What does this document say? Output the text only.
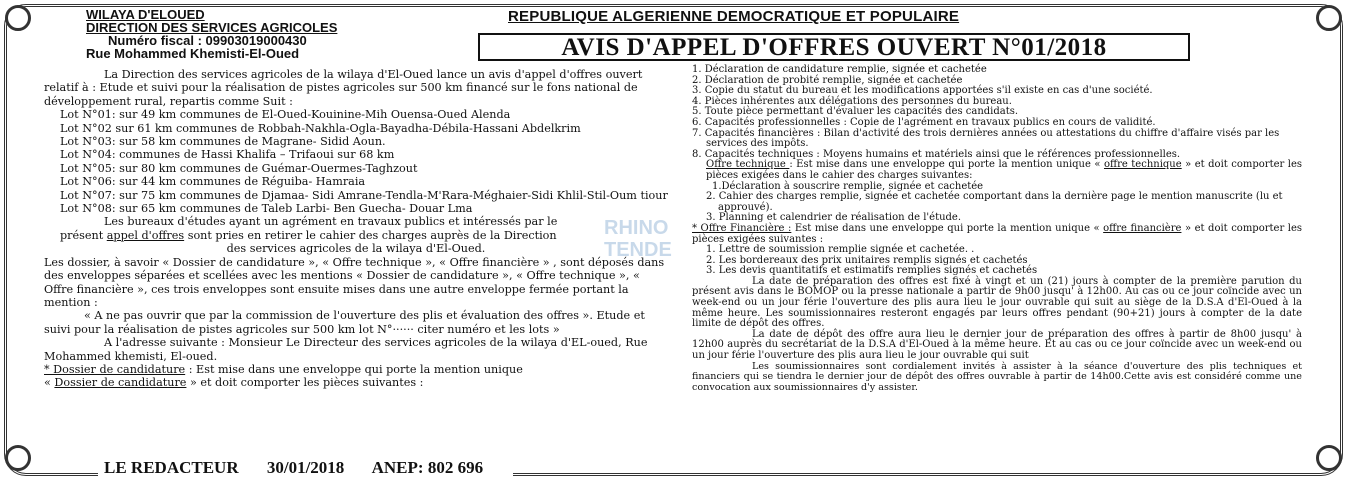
WILAYA D'ELOUED
DIRECTION DES SERVICES AGRICOLES
Numéro fiscal : 09903019000430
Rue Mohammed Khemisti-El-Oued
REPUBLIQUE ALGERIENNE DEMOCRATIQUE ET POPULAIRE
AVIS D'APPEL D'OFFRES OUVERT N°01/2018
RHINO
TENDE

La Direction des services agricoles de la wilaya d'El-Oued lance un avis d'appel d'offres ouvert relatif à : Etude et suivi pour la réalisation de pistes agricoles sur 500 km financé sur le fons national de développement rural, repartis comme Suit :

Lot N°01: sur 49 km communes de El-Oued-Kouinine-Mih Ouensa-Oued Alenda

Lot N°02 sur 61 km communes de Robbah-Nakhla-Ogla-Bayadha-Débila-Hassani Abdelkrim

Lot N°03: sur 58 km communes de Magrane- Sidid Aoun.

Lot N°04: communes de Hassi Khalifa – Trifaoui sur 68 km

Lot N°05: sur 80 km communes de Guémar-Ouermes-Taghzout

Lot N°06: sur 44 km communes de Réguiba- Hamraia

Lot N°07: sur 75 km communes de Djamaa- Sidi Amrane-Tendla-M'Rara-Méghaier-Sidi Khlil-Stil-Oum tiour

Lot N°08: sur 65 km communes de Taleb Larbi- Ben Guecha- Douar Lma

Les bureaux d'études ayant un agrément en travaux publics et intéressés par le

présent appel d'offres sont pries en retirer le cahier des charges auprès de la Direction

des services agricoles de la wilaya d'El-Oued.

Les dossier, à savoir « Dossier de candidature », « Offre technique », « Offre financière » , sont déposés dans des enveloppes séparées et scellées avec les mentions « Dossier de candidature », « Offre technique », « Offre financière », ces trois enveloppes sont ensuite mises dans une autre enveloppe fermée portant la mention :

« A ne pas ouvrir que par la commission de l'ouverture des plis et évaluation des offres ». Etude et suivi pour la réalisation de pistes agricoles sur 500 km lot N°······ citer numéro et les lots »

A l'adresse suivante : Monsieur Le Directeur des services agricoles de la wilaya d'EL-oued, Rue Mohammed khemisti, El-oued.

* Dossier de candidature : Est mise dans une enveloppe qui porte la mention unique

« Dossier de candidature » et doit comporter les pièces suivantes :

1. Déclaration de candidature remplie, signée et cachetée
2. Déclaration de probité remplie, signée et cachetée
3. Copie du statut du bureau et les modifications apportées s'il existe en cas d'une société.
4. Pièces inhérentes aux délégations des personnes du bureau.
5. Toute pièce permettant d'évaluer les capacités des candidats.
6. Capacités professionnelles : Copie de l'agrément en travaux publics en cours de validité.
7. Capacités financières : Bilan d'activité des trois dernières années ou attestations du chiffre d'affaire visés par les services des impôts.
8. Capacités techniques : Moyens humains et matériels ainsi que le références professionnelles.
Offre technique : Est mise dans une enveloppe qui porte la mention unique « offre technique » et doit comporter les pièces exigées dans le cahier des charges suivantes:
1.Déclaration à souscrire remplie, signée et cachetée
2. Cahier des charges remplie, signée et cachetée comportant dans la dernière page le mention manuscrite (lu et approuvé).
3. Planning et calendrier de réalisation de l'étude.
* Offre Financière : Est mise dans une enveloppe qui porte la mention unique « offre financière » et doit comporter les pièces exigées suivantes :
1. Lettre de soumission remplie signée et cachetée. .
2. Les bordereaux des prix unitaires remplis signés et cachetés
3. Les devis quantitatifs et estimatifs remplies signés et cachetés
La date de préparation des offres est fixé à vingt et un (21) jours à compter de la première parution du présent avis dans le BOMOP ou la presse nationale a partir de 9h00 jusqu' à 12h00. Au cas ou ce jour coïncide avec un week-end ou un jour férie l'ouverture des plis aura lieu le jour ouvrable qui suit au siège de la D.S.A d'El-Oued à la même heure. Les soumissionnaires resteront engagés par leurs offres pendant (90+21) jours à compter de la date limite de dépôt des offres.
La date de dépôt des offre aura lieu le dernier jour de préparation des offres à partir de 8h00 jusqu' à 12h00 auprès du secrétariat de la D.S.A d'El-Oued à la même heure. Et au cas ou ce jour coïncide avec un week-end ou un jour férie l'ouverture des plis aura lieu le jour ouvrable qui suit
Les soumissionnaires sont cordialement invités à assister à la séance d'ouverture des plis techniques et financiers qui se tiendra le dernier jour de dépôt des offres ouvrable à partir de 14h00.Cette avis est considéré comme une convocation aux soumissionnaires d'y assister.
LE REDACTEUR 30/01/2018 ANEP: 802 696
